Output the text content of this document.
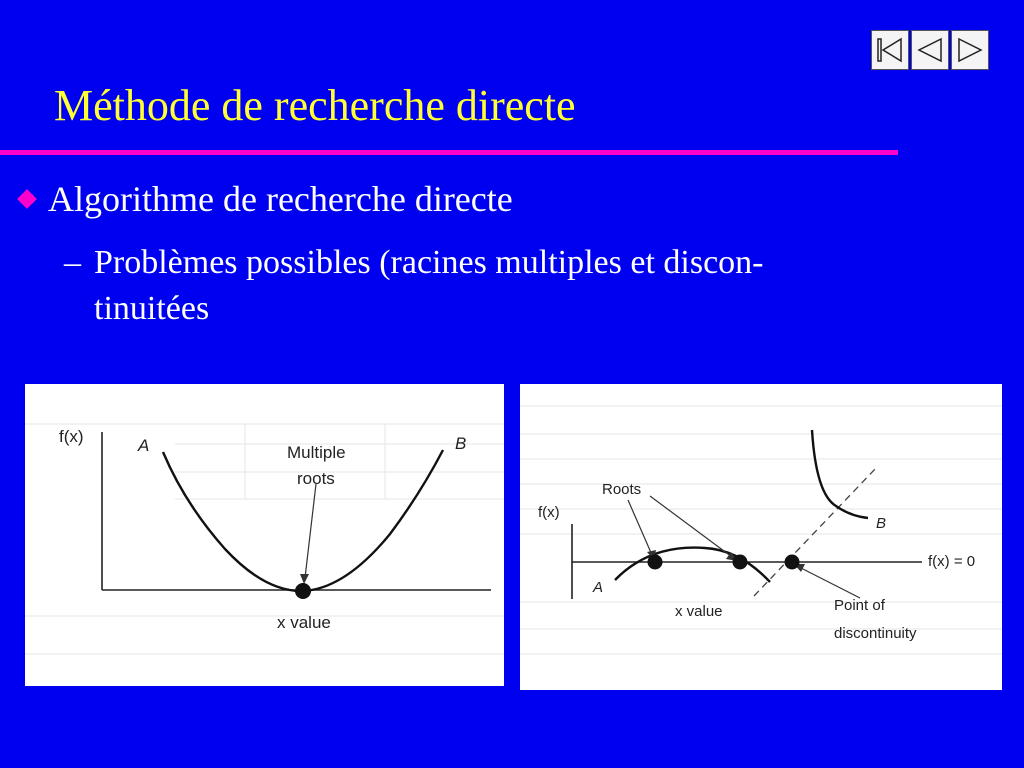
Méthode de recherche directe
Algorithme de recherche directe
– Problèmes possibles (racines multiples et discon-
tinuitées
f(x)	A	B
Multiple
roots
x value
f(x)
Roots
A
B
f(x) = 0
x value	Point of
discontinuity
